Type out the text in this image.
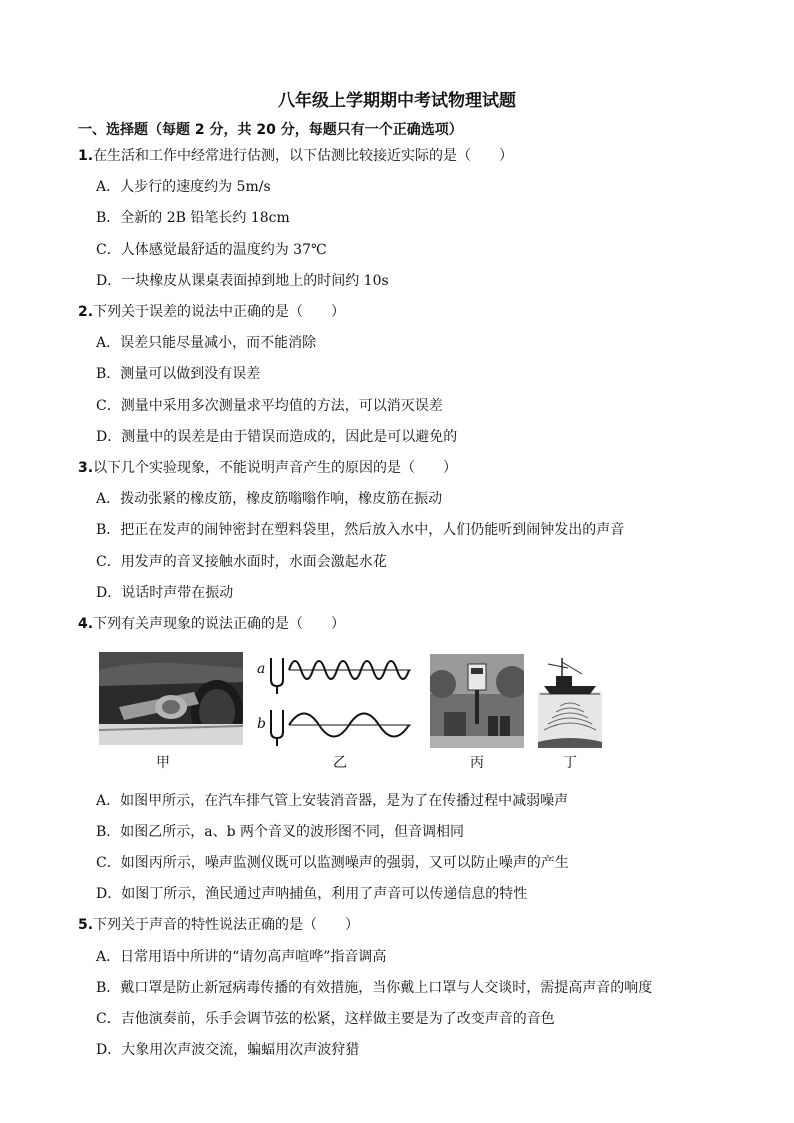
八年级上学期期中考试物理试题
一、选择题（每题 2 分，共 20 分，每题只有一个正确选项）
1.在生活和工作中经常进行估测，以下估测比较接近实际的是（　　）
A．人步行的速度约为 5m/s
B．全新的 2B 铅笔长约 18cm
C．人体感觉最舒适的温度约为 37℃
D．一块橡皮从课桌表面掉到地上的时间约 10s
2.下列关于误差的说法中正确的是（　　）
A．误差只能尽量减小，而不能消除
B．测量可以做到没有误差
C．测量中采用多次测量求平均值的方法，可以消灭误差
D．测量中的误差是由于错误而造成的，因此是可以避免的
3.以下几个实验现象，不能说明声音产生的原因的是（　　）
A．拨动张紧的橡皮筋，橡皮筋嗡嗡作响，橡皮筋在振动
B．把正在发声的闹钟密封在塑料袋里，然后放入水中，人们仍能听到闹钟发出的声音
C．用发声的音叉接触水面时，水面会激起水花
D．说话时声带在振动
4.下列有关声现象的说法正确的是（　　）
甲
a
b
乙	丙	丁
A．如图甲所示，在汽车排气管上安装消音器，是为了在传播过程中减弱噪声
B．如图乙所示，a、b 两个音叉的波形图不同，但音调相同
C．如图丙所示，噪声监测仪既可以监测噪声的强弱，又可以防止噪声的产生
D．如图丁所示，渔民通过声呐捕鱼，利用了声音可以传递信息的特性
5.下列关于声音的特性说法正确的是（　　）
A．日常用语中所讲的“请勿高声喧哗”指音调高
B．戴口罩是防止新冠病毒传播的有效措施，当你戴上口罩与人交谈时，需提高声音的响度
C．吉他演奏前，乐手会调节弦的松紧，这样做主要是为了改变声音的音色
D．大象用次声波交流，蝙蝠用次声波狩猎
